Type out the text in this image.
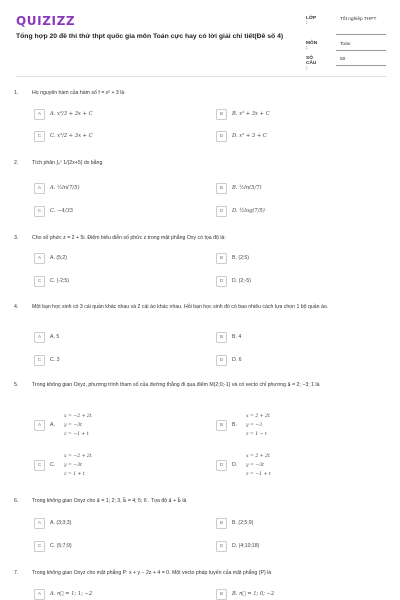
QUIZIZZ
Tổng hợp 20 đề thi thử thpt quốc gia môn Toán cực hay có lời giải chi tiết(Đề số 4)
LỚP :
Tốt nghiệp THPT
MÔN :
Toán
SỐ CÂU :
50
1.	Họ nguyên hàm của hàm số f = x² + 3 là
A	A. x³/3 + 3x + C	B	B. x³ + 3x + C
C	C. x³/2 + 3x + C	D	D. x² + 3 + C
2.	Tích phân ∫₀¹ 1/(2x+5) dx bằng
A	A. ½ln(7/5)	B	B. ½ln(5/7)
C	C. −4/35	D	D. ½log(7/5)
3.	Cho số phức z = 2 + 5i. Điểm biểu diễn số phức z trong mặt phẳng Oxy có tọa độ là:
A	A. (5;2)	B	B. (2;5)
C	C. (-2;5)	D	D. (2;-5)
4.	Một bạn học sinh có 3 cái quần khác nhau và 2 cái áo khác nhau. Hỏi bạn học sinh đó có bao nhiêu cách lựa chọn 1 bộ quần áo.
A	A. 5	B	B. 4
C	C. 3	D	D. 6
5.	Trong không gian Oxyz, phương trình tham số của đường thẳng đi qua điểm M(2;0;-1) và có vecto chỉ phương a⃗ = 2; −3; 1 là
A	A.
x = −2 + 2t
y = −3t
z = −1 + t
B	B.
x = 2 + 2t
y = −3
z = 1 − t
C	C.
x = −2 + 2t
y = −3t
z = 1 + t
D	D.
x = 2 + 2t
y = −3t
z = −1 + t
6.	Trong không gian Oxyz cho a⃗ = 1; 2; 3, b⃗ = 4; 5; 6 . Tọa độ a⃗ + b⃗ là
A	A. (3;3;3)	B	B. (2;5;9)
C	C. (5;7;9)	D	D. (4;10;18)
7.	Trong không gian Oxyz cho mặt phẳng P: x + y − 2z + 4 = 0. Một vecto pháp tuyến của mặt phẳng (P) là
A	A. n⃗ = 1; 1; −2	B	B. n⃗ = 1; 0; −2
